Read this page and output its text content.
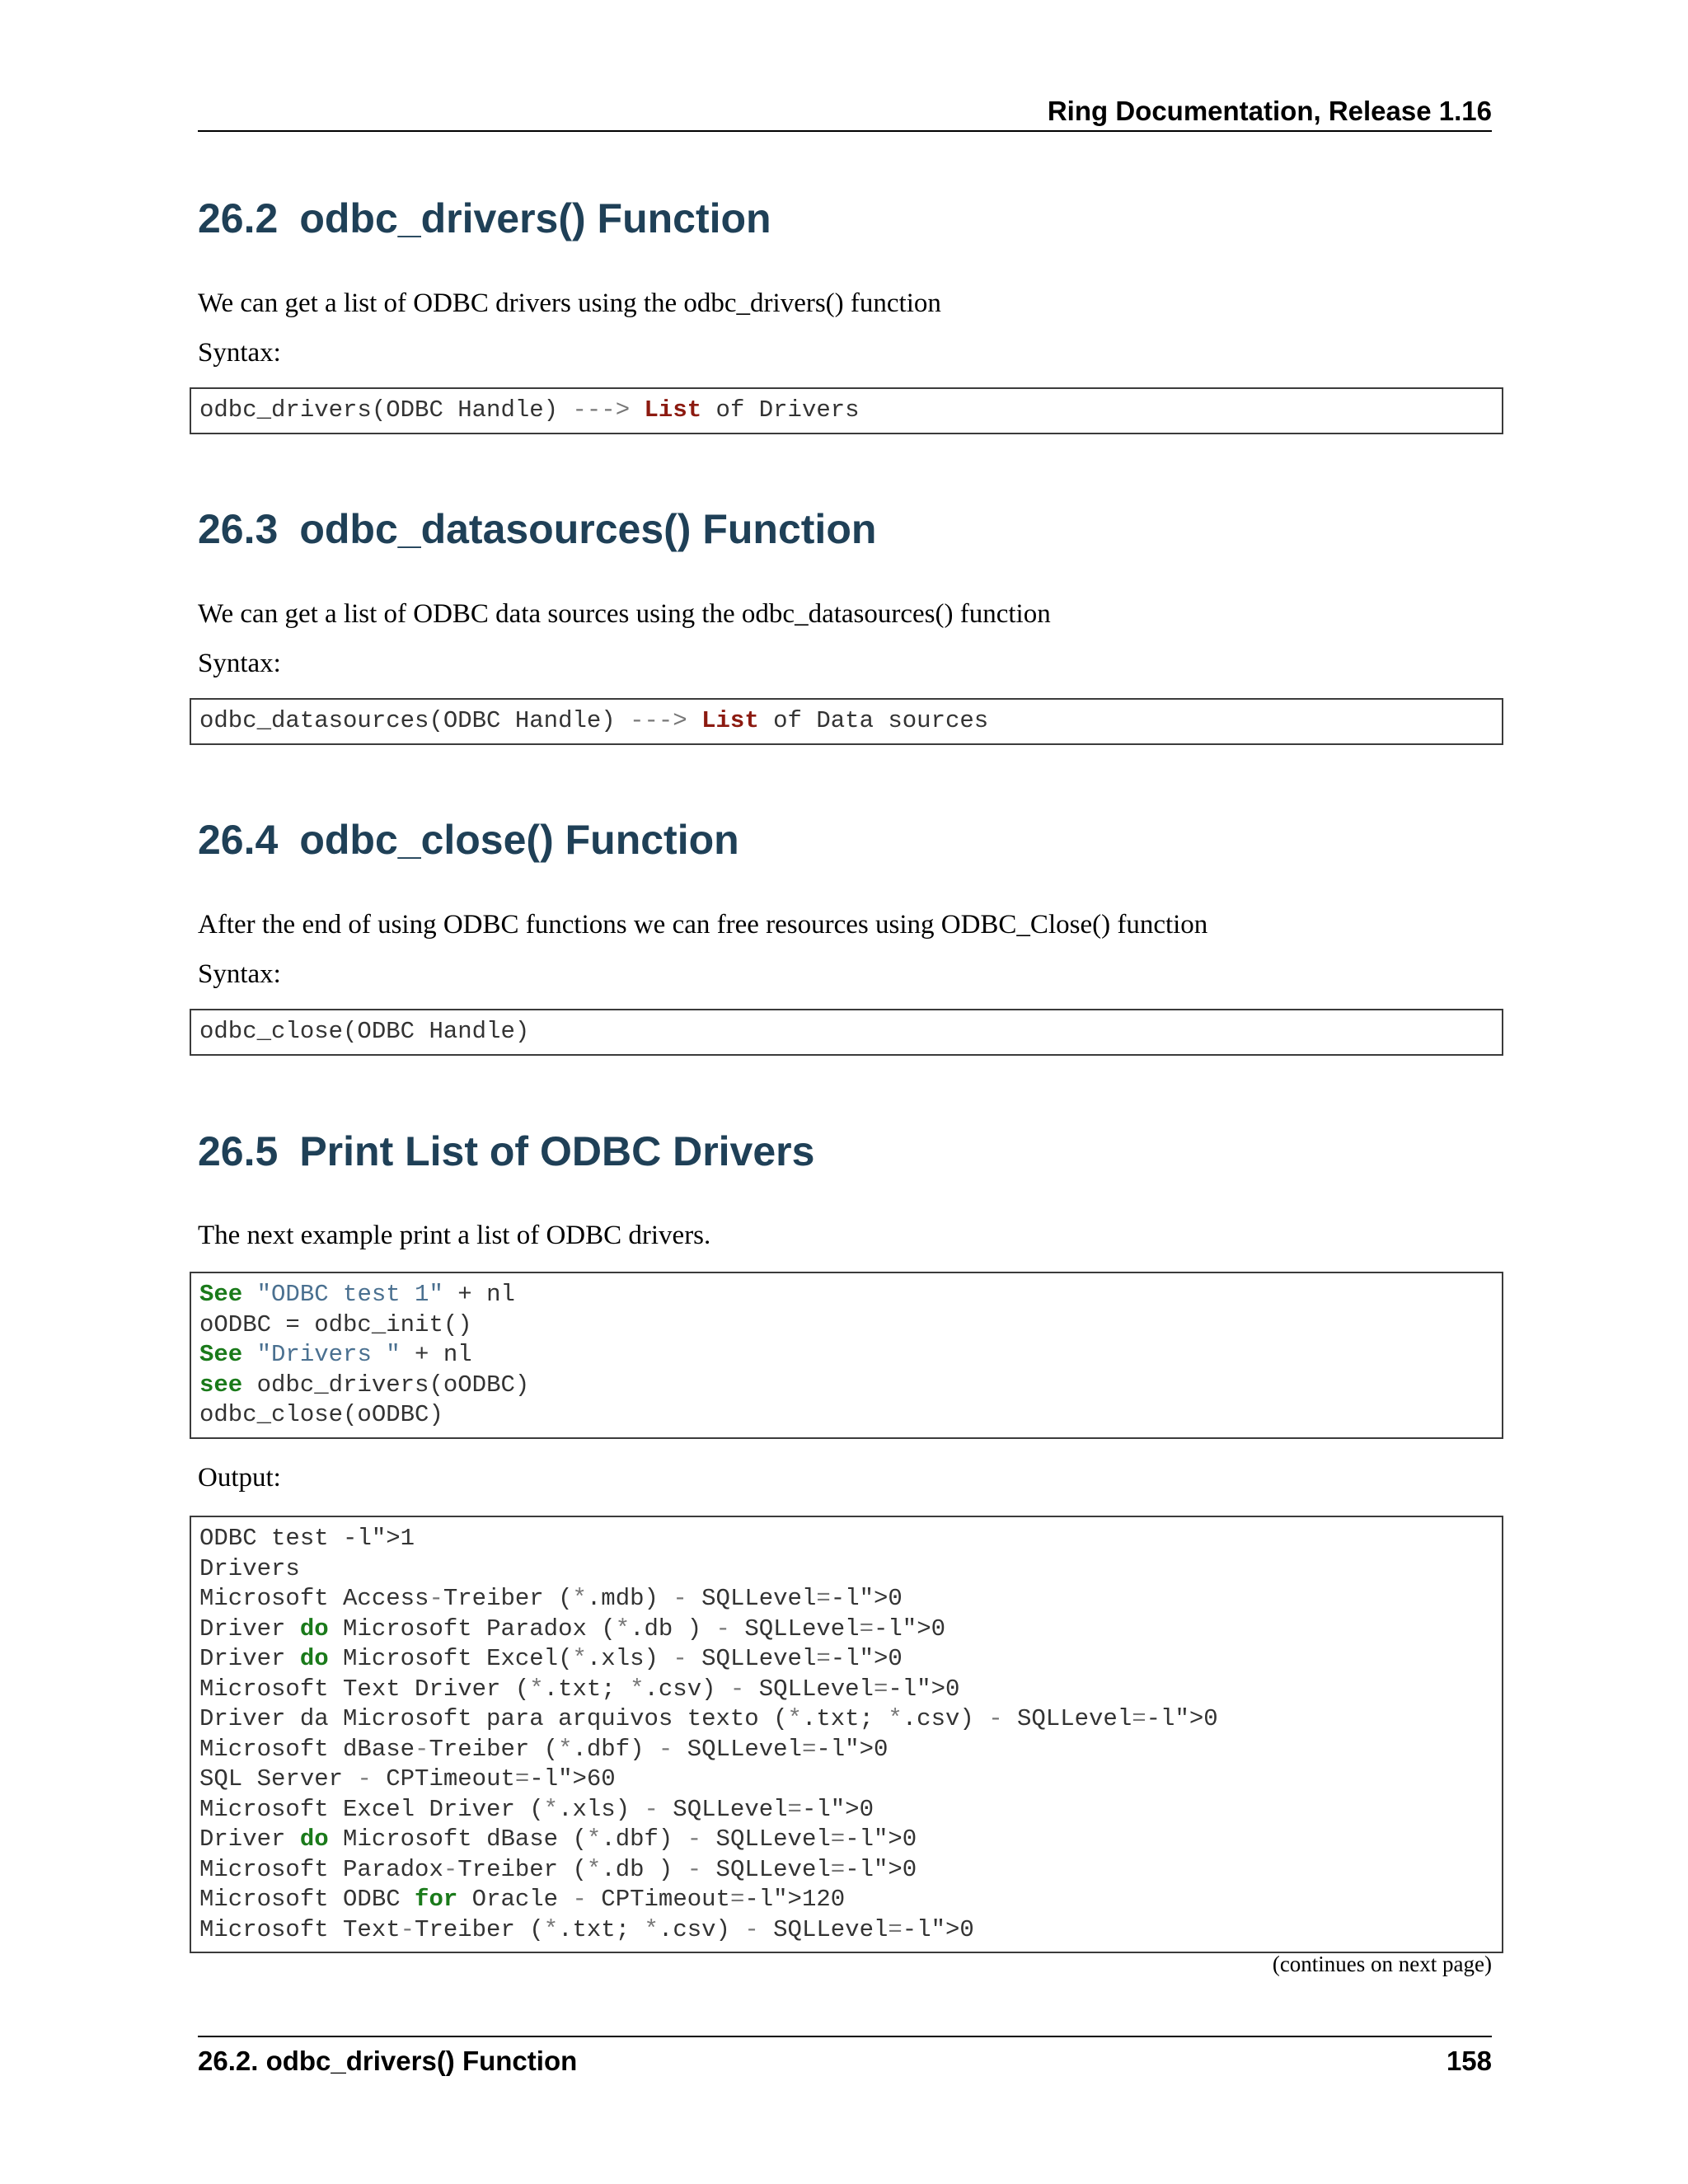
Ring Documentation, Release 1.16
26.2 odbc_drivers() Function

We can get a list of ODBC drivers using the odbc_drivers() function

Syntax:

odbc_drivers(ODBC Handle) ---> List of Drivers
26.3 odbc_datasources() Function

We can get a list of ODBC data sources using the odbc_datasources() function

Syntax:

odbc_datasources(ODBC Handle) ---> List of Data sources
26.4 odbc_close() Function

After the end of using ODBC functions we can free resources using ODBC_Close() function

Syntax:

odbc_close(ODBC Handle)
26.5 Print List of ODBC Drivers

The next example print a list of ODBC drivers.

See "ODBC test 1" + nl
oODBC = odbc_init()
See "Drivers " + nl
see odbc_drivers(oODBC)
odbc_close(oODBC)

Output:

ODBC test -l">1
Drivers
Microsoft Access-Treiber (*.mdb) - SQLLevel=-l">0
Driver do Microsoft Paradox (*.db ) - SQLLevel=-l">0
Driver do Microsoft Excel(*.xls) - SQLLevel=-l">0
Microsoft Text Driver (*.txt; *.csv) - SQLLevel=-l">0
Driver da Microsoft para arquivos texto (*.txt; *.csv) - SQLLevel=-l">0
Microsoft dBase-Treiber (*.dbf) - SQLLevel=-l">0
SQL Server - CPTimeout=-l">60
Microsoft Excel Driver (*.xls) - SQLLevel=-l">0
Driver do Microsoft dBase (*.dbf) - SQLLevel=-l">0
Microsoft Paradox-Treiber (*.db ) - SQLLevel=-l">0
Microsoft ODBC for Oracle - CPTimeout=-l">120
Microsoft Text-Treiber (*.txt; *.csv) - SQLLevel=-l">0
(continues on next page)
26.2. odbc_drivers() Function	158
